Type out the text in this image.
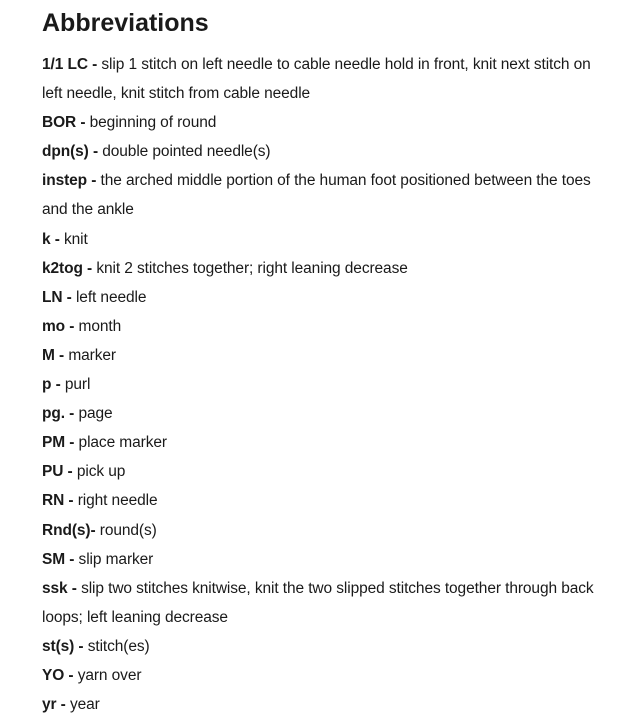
Abbreviations
1/1 LC - slip 1 stitch on left needle to cable needle hold in front, knit next stitch on left needle, knit stitch from cable needle
BOR - beginning of round
dpn(s) - double pointed needle(s)
instep - the arched middle portion of the human foot positioned between the toes and the ankle
k - knit
k2tog - knit 2 stitches together; right leaning decrease
LN - left needle
mo - month
M - marker
p - purl
pg. - page
PM - place marker
PU - pick up
RN - right needle
Rnd(s)- round(s)
SM - slip marker
ssk - slip two stitches knitwise, knit the two slipped stitches together through back loops; left leaning decrease
st(s) - stitch(es)
YO - yarn over
yr - year
